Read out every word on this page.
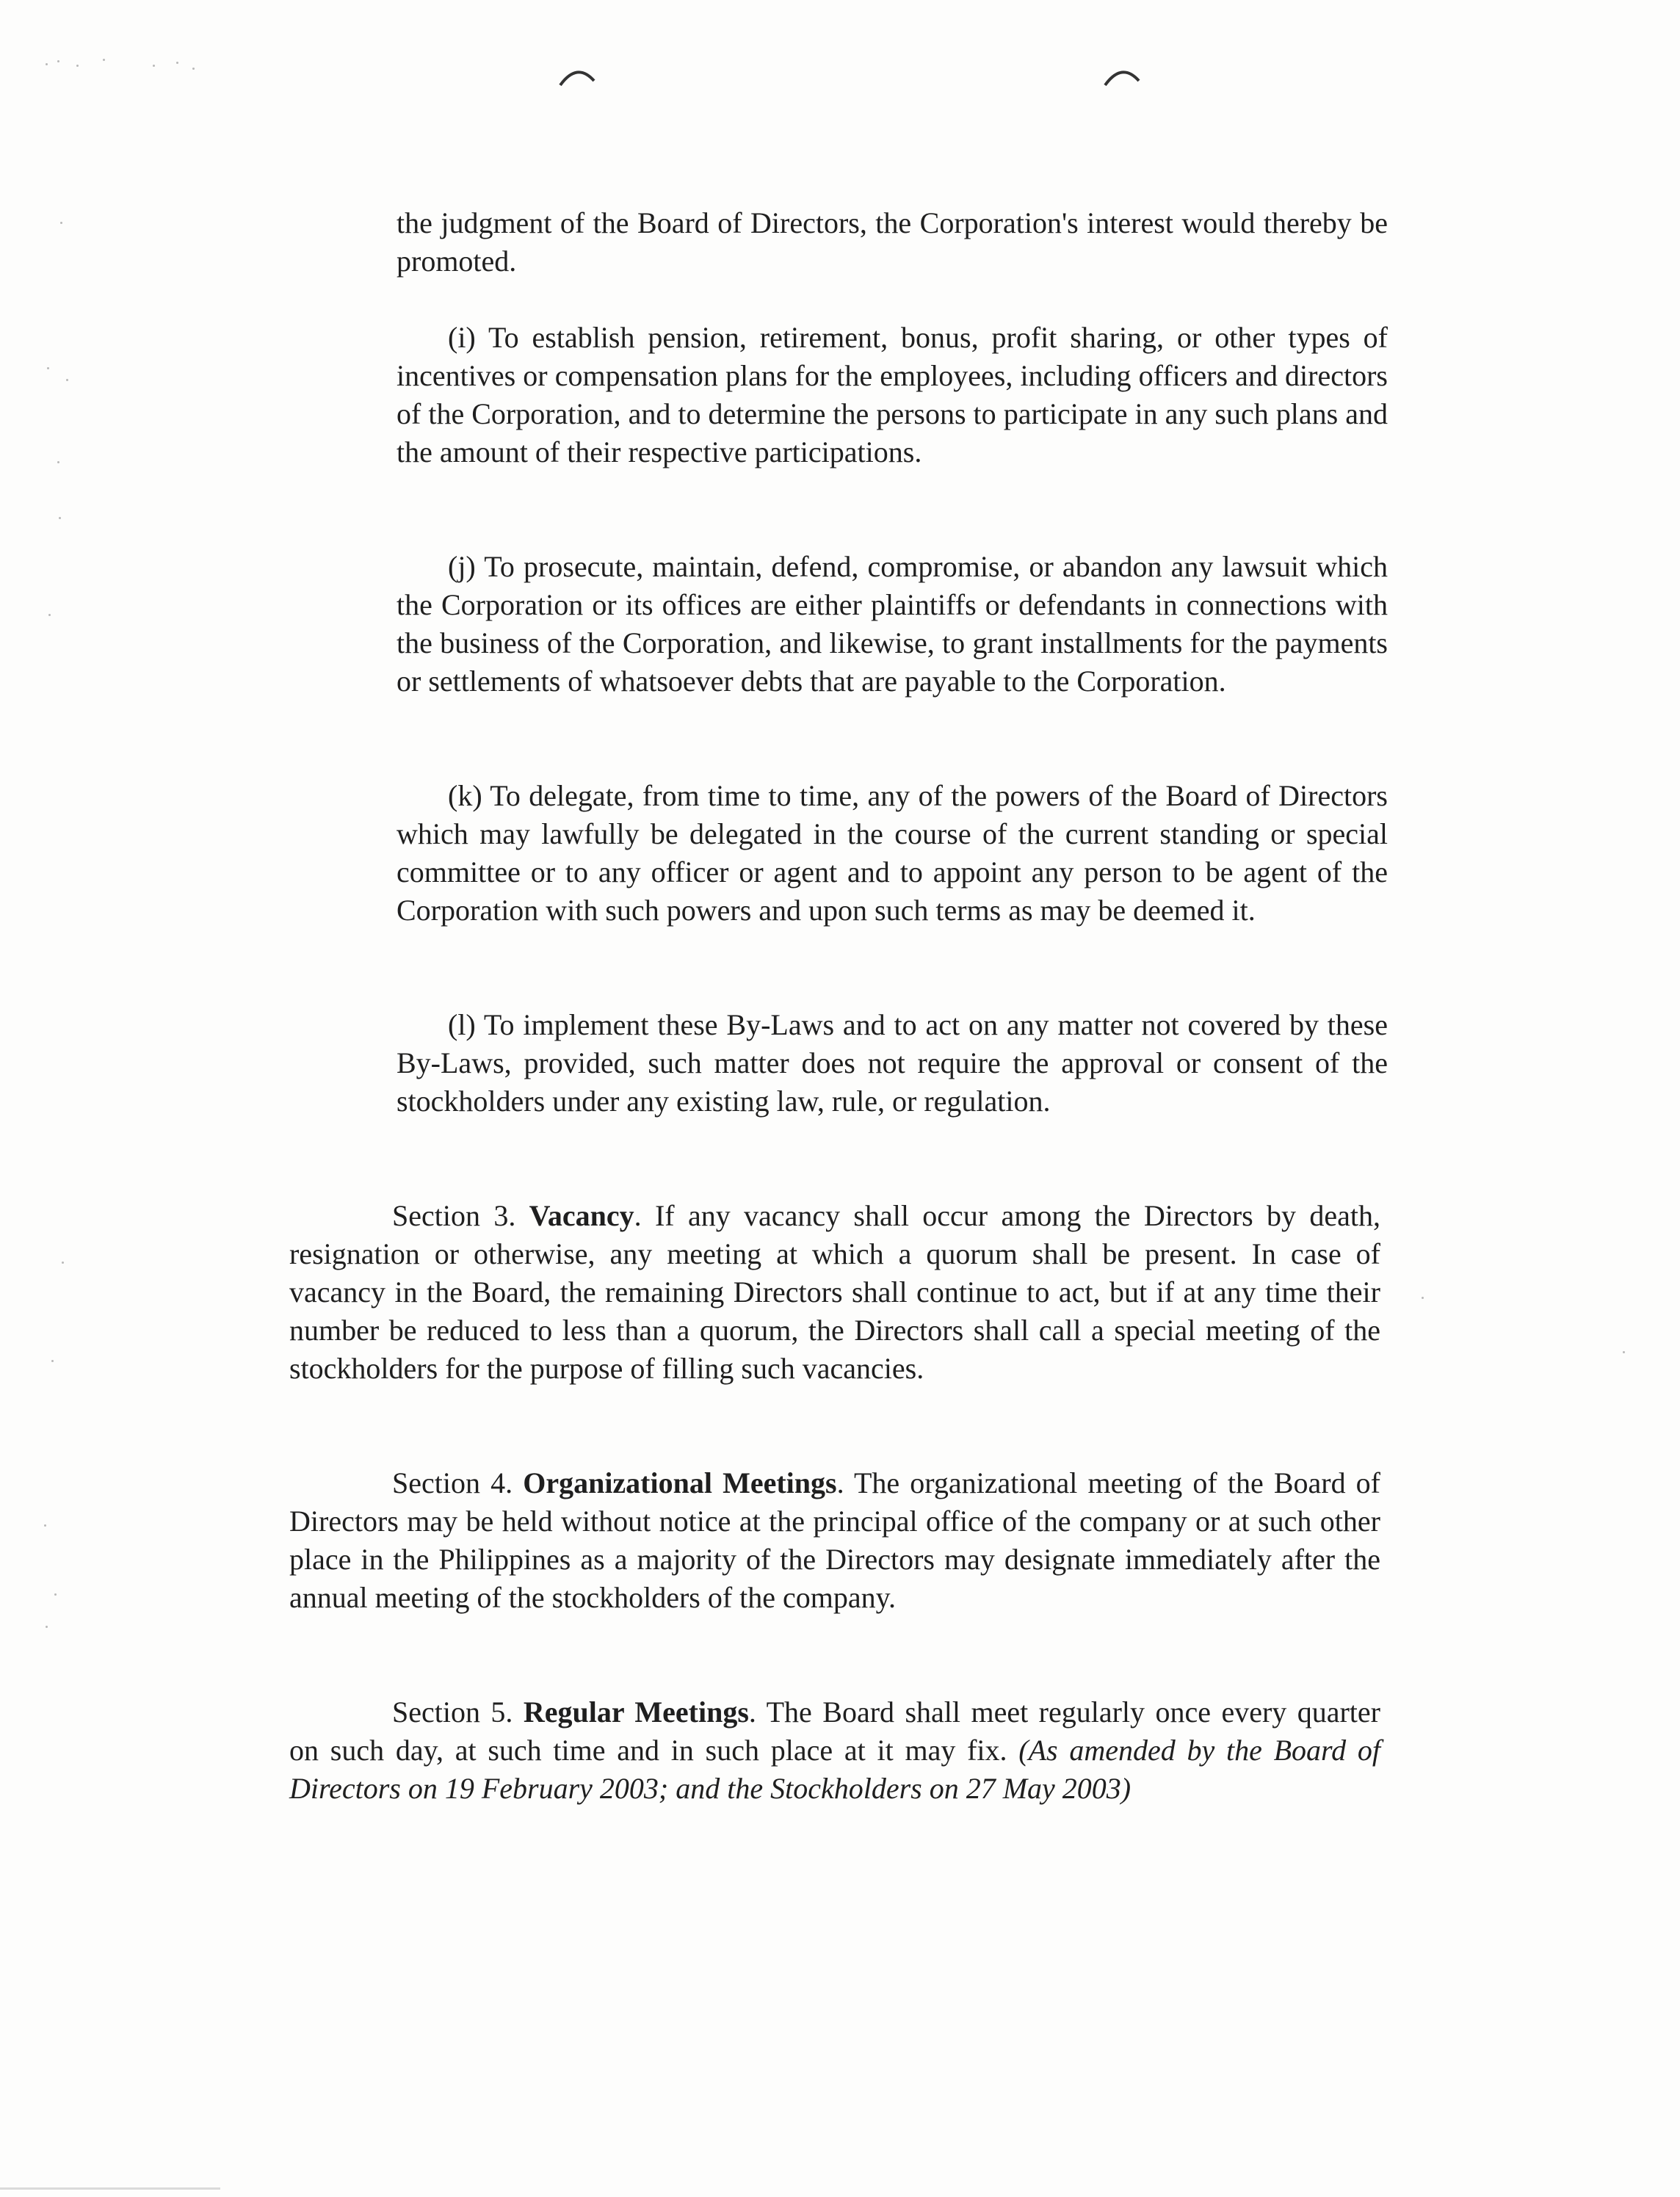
the judgment of the Board of Directors, the Corporation's interest would thereby be promoted.

(i) To establish pension, retirement, bonus, profit sharing, or other types of incentives or compensation plans for the employees, including officers and directors of the Corporation, and to determine the persons to participate in any such plans and the amount of their respective participations.

(j) To prosecute, maintain, defend, compromise, or abandon any lawsuit which the Corporation or its offices are either plaintiffs or defendants in connections with the business of the Corporation, and likewise, to grant installments for the payments or settlements of whatsoever debts that are payable to the Corporation.

(k) To delegate, from time to time, any of the powers of the Board of Directors which may lawfully be delegated in the course of the current standing or special committee or to any officer or agent and to appoint any person to be agent of the Corporation with such powers and upon such terms as may be deemed it.

(l) To implement these By-Laws and to act on any matter not covered by these By-Laws, provided, such matter does not require the approval or consent of the stockholders under any existing law, rule, or regulation.

Section 3. Vacancy. If any vacancy shall occur among the Directors by death, resignation or otherwise, any meeting at which a quorum shall be present. In case of vacancy in the Board, the remaining Directors shall continue to act, but if at any time their number be reduced to less than a quorum, the Directors shall call a special meeting of the stockholders for the purpose of filling such vacancies.

Section 4. Organizational Meetings. The organizational meeting of the Board of Directors may be held without notice at the principal office of the company or at such other place in the Philippines as a majority of the Directors may designate immediately after the annual meeting of the stockholders of the company.

Section 5. Regular Meetings. The Board shall meet regularly once every quarter on such day, at such time and in such place at it may fix. (As amended by the Board of Directors on 19 February 2003; and the Stockholders on 27 May 2003)
